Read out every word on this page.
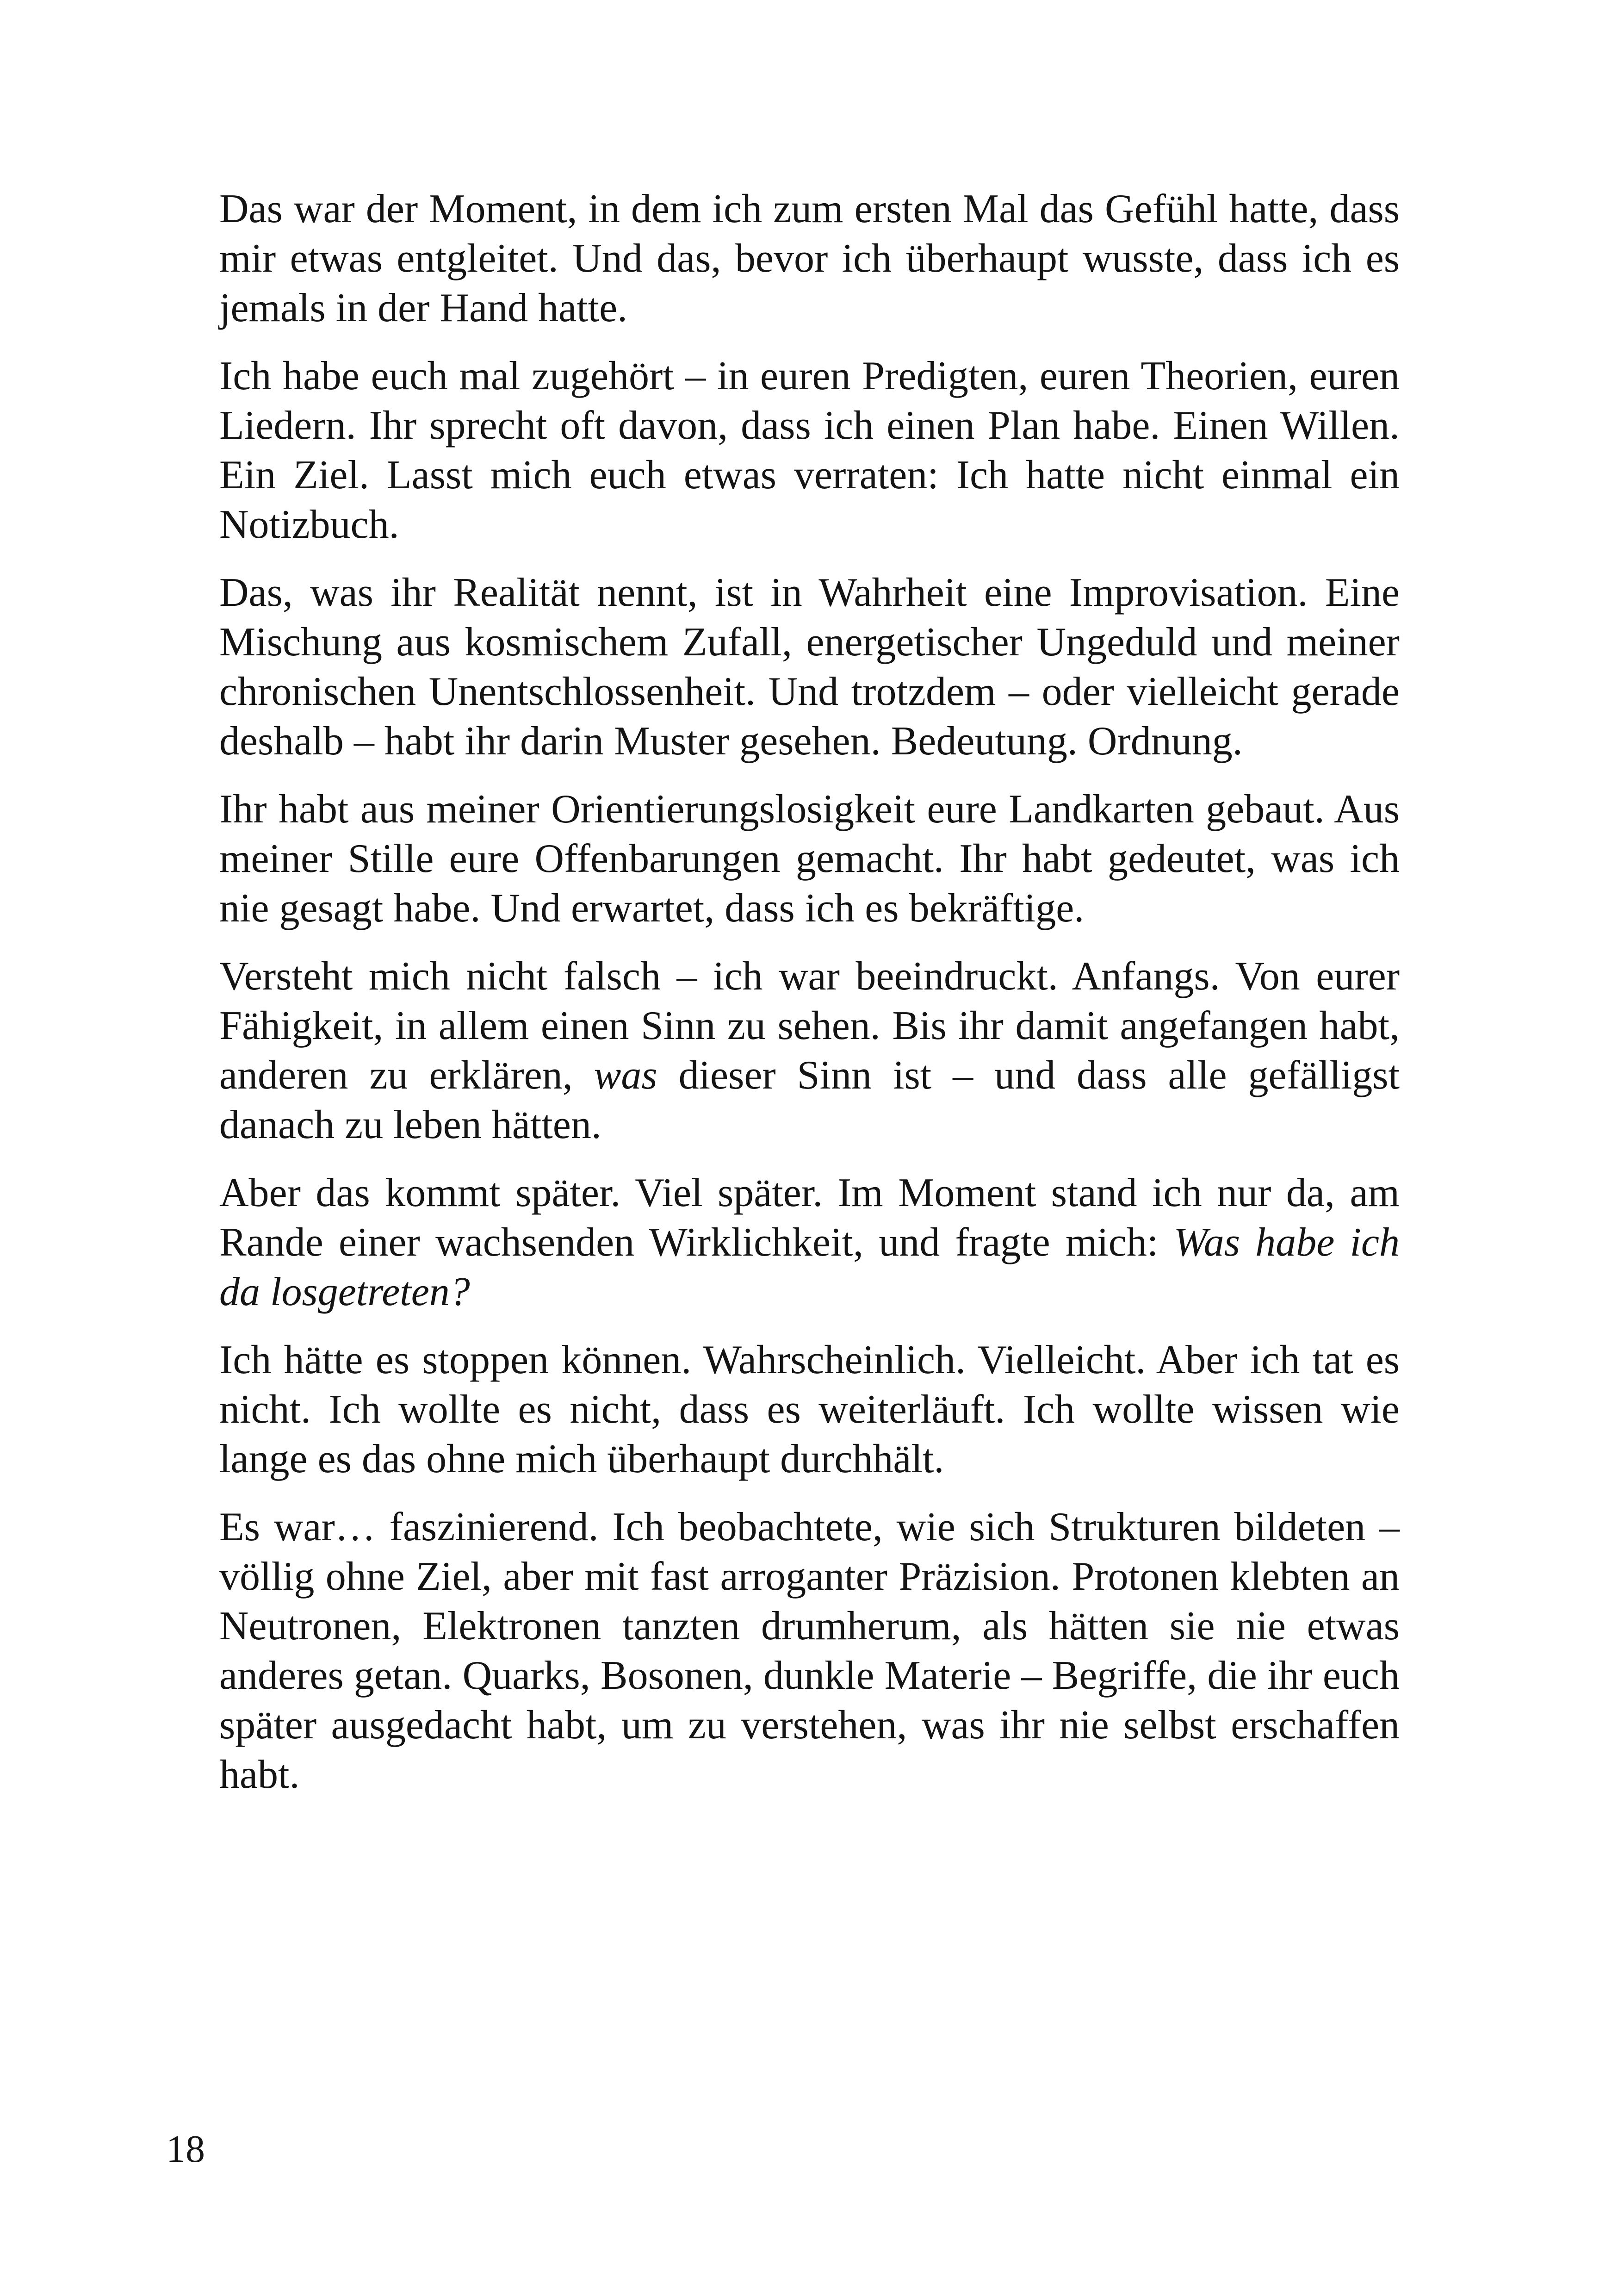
Das war der Moment, in dem ich zum ersten Mal das Gefühl hatte, dass mir etwas entgleitet. Und das, bevor ich überhaupt wusste, dass ich es jemals in der Hand hatte.

Ich habe euch mal zugehört – in euren Predigten, euren Theorien, euren Liedern. Ihr sprecht oft davon, dass ich einen Plan habe. Einen Willen. Ein Ziel. Lasst mich euch etwas verraten: Ich hatte nicht einmal ein Notizbuch.

Das, was ihr Realität nennt, ist in Wahrheit eine Improvisation. Eine Mischung aus kosmischem Zufall, energetischer Ungeduld und meiner chronischen Unentschlossenheit. Und trotzdem – oder vielleicht gerade deshalb – habt ihr darin Muster gesehen. Bedeutung. Ordnung.

Ihr habt aus meiner Orientierungslosigkeit eure Landkarten gebaut. Aus meiner Stille eure Offenbarungen gemacht. Ihr habt gedeutet, was ich nie gesagt habe. Und erwartet, dass ich es bekräftige.

Versteht mich nicht falsch – ich war beeindruckt. Anfangs. Von eurer Fähigkeit, in allem einen Sinn zu sehen. Bis ihr damit angefangen habt, anderen zu erklären, was dieser Sinn ist – und dass alle gefälligst danach zu leben hätten.

Aber das kommt später. Viel später. Im Moment stand ich nur da, am Rande einer wachsenden Wirklichkeit, und fragte mich: Was habe ich da losgetreten?

Ich hätte es stoppen können. Wahrscheinlich. Vielleicht. Aber ich tat es nicht. Ich wollte es nicht, dass es weiterläuft. Ich wollte wissen wie lange es das ohne mich überhaupt durchhält.

Es war… faszinierend. Ich beobachtete, wie sich Strukturen bildeten – völlig ohne Ziel, aber mit fast arroganter Präzision. Protonen klebten an Neutronen, Elektronen tanzten drumherum, als hätten sie nie etwas anderes getan. Quarks, Bosonen, dunkle Materie – Begriffe, die ihr euch später ausgedacht habt, um zu verstehen, was ihr nie selbst erschaffen habt.

18
